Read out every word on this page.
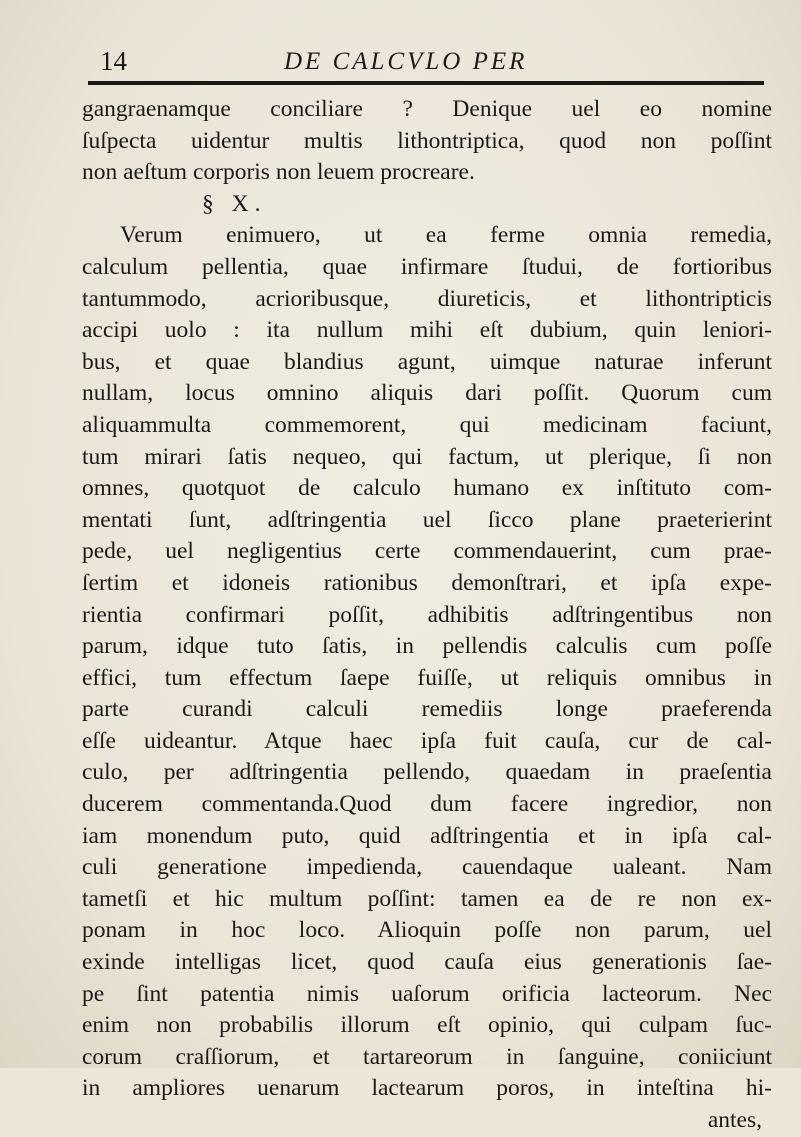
14	DE CALCVLO PER
gangraenamque conciliare ? Denique uel eo nomine
ſuſpecta uidentur multis lithontriptica, quod non poſſint
non aeſtum corporis non leuem procreare.
§ X.
Verum enimuero, ut ea ferme omnia remedia,
calculum pellentia, quae infirmare ſtudui, de fortioribus
tantummodo, acrioribusque, diureticis, et lithontripticis
accipi uolo : ita nullum mihi eſt dubium, quin leniori-
bus, et quae blandius agunt, uimque naturae inferunt
nullam, locus omnino aliquis dari poſſit. Quorum cum
aliquammulta commemorent, qui medicinam faciunt,
tum mirari ſatis nequeo, qui factum, ut plerique, ſi non
omnes, quotquot de calculo humano ex inſtituto com-
mentati ſunt, adſtringentia uel ſicco plane praeterierint
pede, uel negligentius certe commendauerint, cum prae-
ſertim et idoneis rationibus demonſtrari, et ipſa expe-
rientia confirmari poſſit, adhibitis adſtringentibus non
parum, idque tuto ſatis, in pellendis calculis cum poſſe
effici, tum effectum ſaepe fuiſſe, ut reliquis omnibus in
parte curandi calculi remediis longe praeferenda
eſſe uideantur. Atque haec ipſa fuit cauſa, cur de cal-
culo, per adſtringentia pellendo, quaedam in praeſentia
ducerem commentanda.Quod dum facere ingredior, non
iam monendum puto, quid adſtringentia et in ipſa cal-
culi generatione impedienda, cauendaque ualeant. Nam
tametſi et hic multum poſſint: tamen ea de re non ex-
ponam in hoc loco. Alioquin poſſe non parum, uel
exinde intelligas licet, quod cauſa eius generationis ſae-
pe ſint patentia nimis uaſorum orificia lacteorum. Nec
enim non probabilis illorum eſt opinio, qui culpam ſuc-
corum craſſiorum, et tartareorum in ſanguine, coniiciunt
in ampliores uenarum lactearum poros, in inteſtina hi-
antes,
